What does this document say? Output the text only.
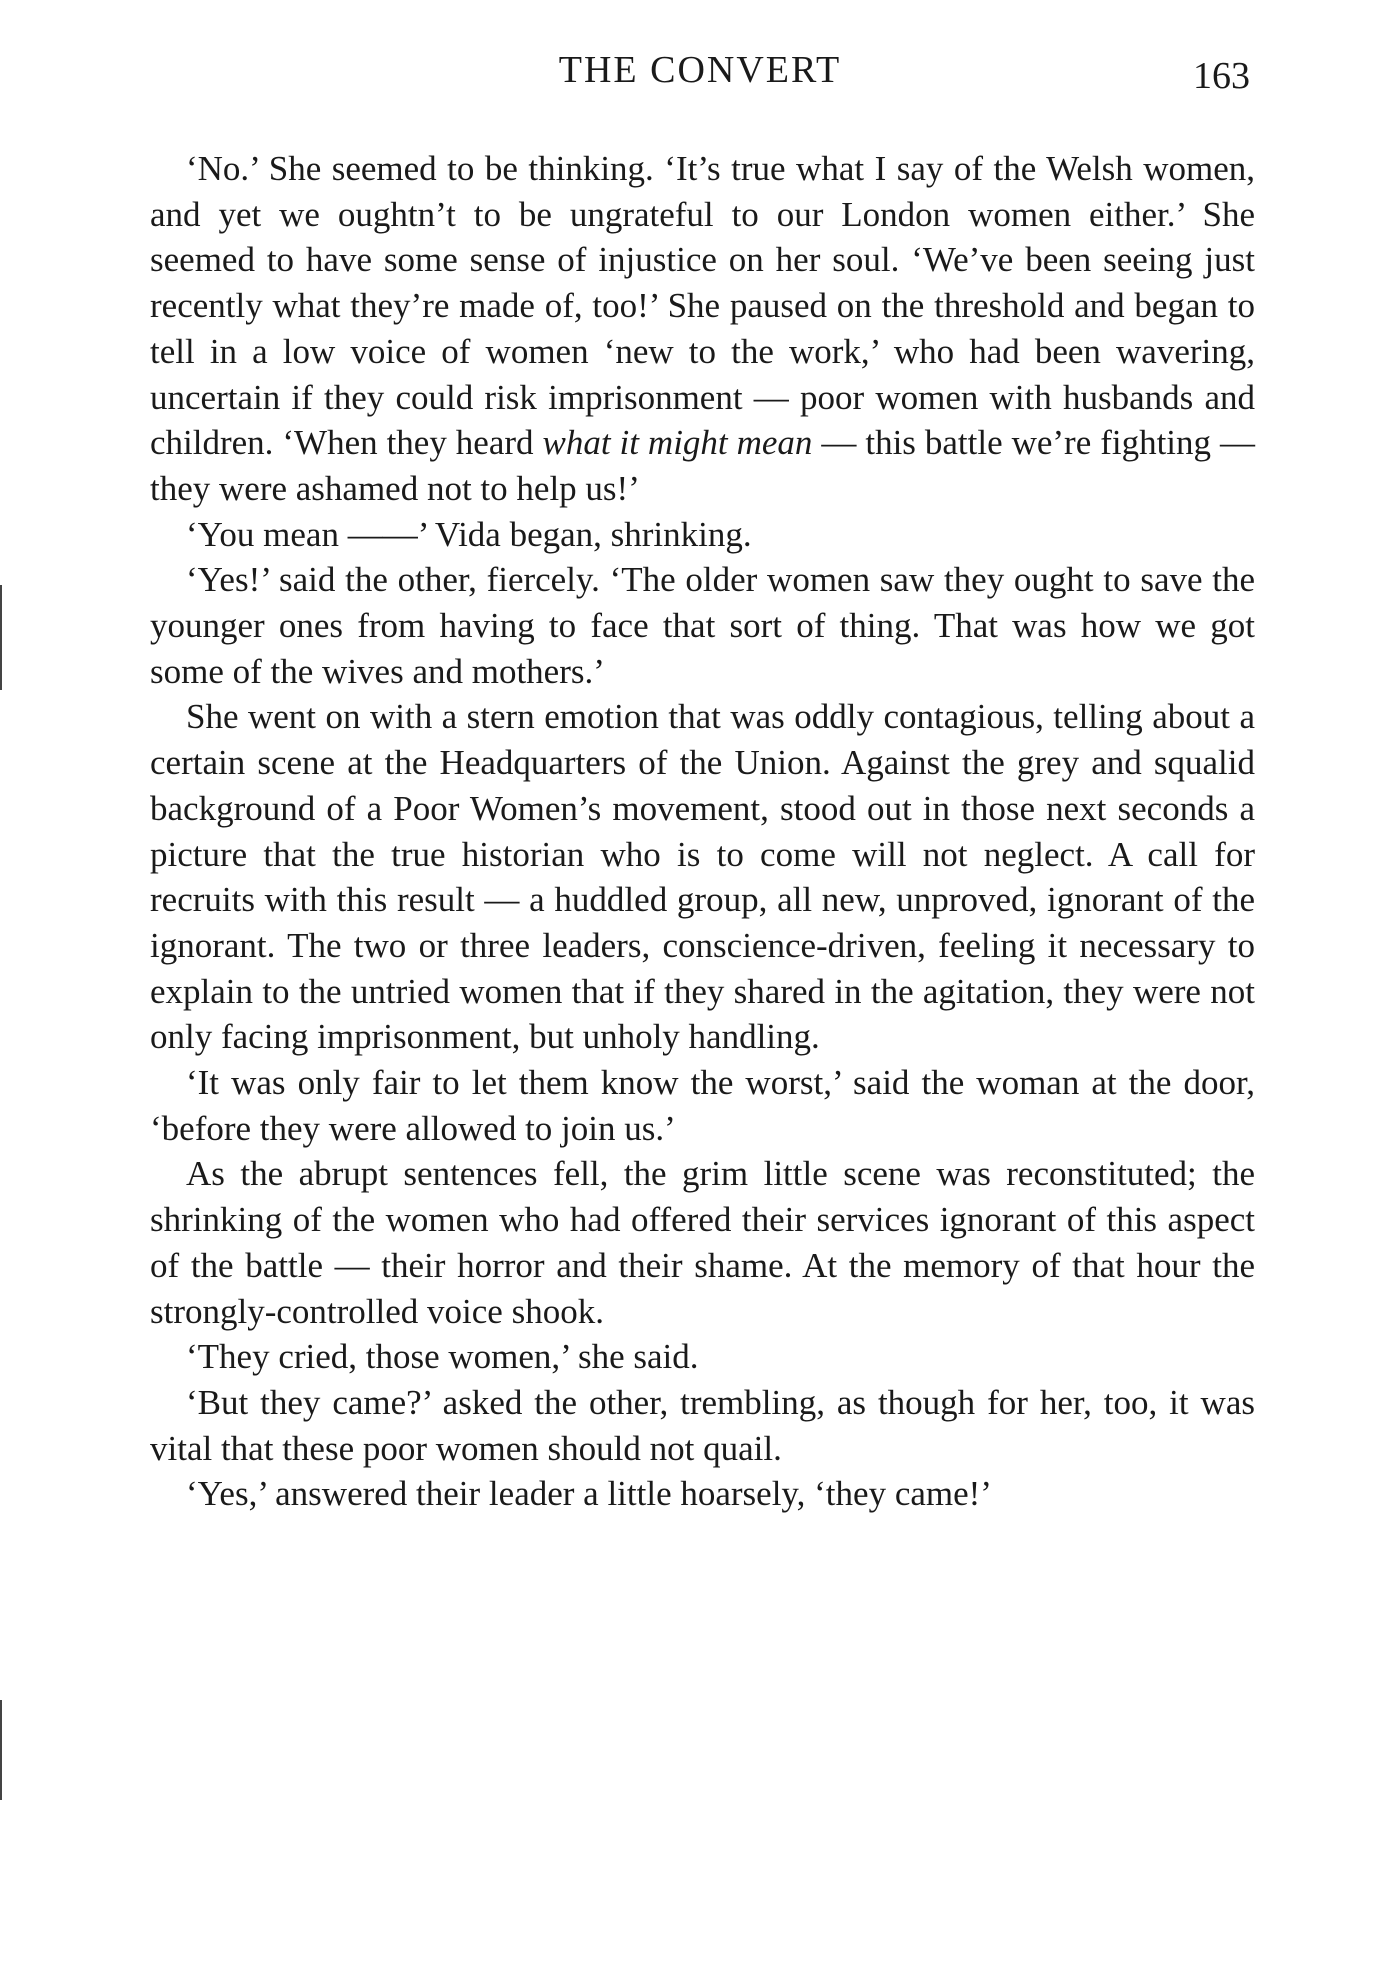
THE CONVERT	163

‘No.’ She seemed to be thinking. ‘It’s true what I say of the Welsh women, and yet we oughtn’t to be ungrateful to our London women either.’ She seemed to have some sense of injustice on her soul. ‘We’ve been seeing just recently what they’re made of, too!’ She paused on the threshold and began to tell in a low voice of women ‘new to the work,’ who had been wavering, uncertain if they could risk imprisonment — poor women with husbands and children. ‘When they heard what it might mean — this battle we’re fighting — they were ashamed not to help us!’

‘You mean ——’ Vida began, shrinking.

‘Yes!’ said the other, fiercely. ‘The older women saw they ought to save the younger ones from having to face that sort of thing. That was how we got some of the wives and mothers.’

She went on with a stern emotion that was oddly contagious, telling about a certain scene at the Headquarters of the Union. Against the grey and squalid background of a Poor Women’s movement, stood out in those next seconds a picture that the true historian who is to come will not neglect. A call for recruits with this result — a huddled group, all new, unproved, ignorant of the ignorant. The two or three leaders, conscience-driven, feeling it necessary to explain to the untried women that if they shared in the agitation, they were not only facing imprisonment, but unholy handling.

‘It was only fair to let them know the worst,’ said the woman at the door, ‘before they were allowed to join us.’

As the abrupt sentences fell, the grim little scene was reconstituted; the shrinking of the women who had offered their services ignorant of this aspect of the battle — their horror and their shame. At the memory of that hour the strongly-controlled voice shook.

‘They cried, those women,’ she said.

‘But they came?’ asked the other, trembling, as though for her, too, it was vital that these poor women should not quail.

‘Yes,’ answered their leader a little hoarsely, ‘they came!’
